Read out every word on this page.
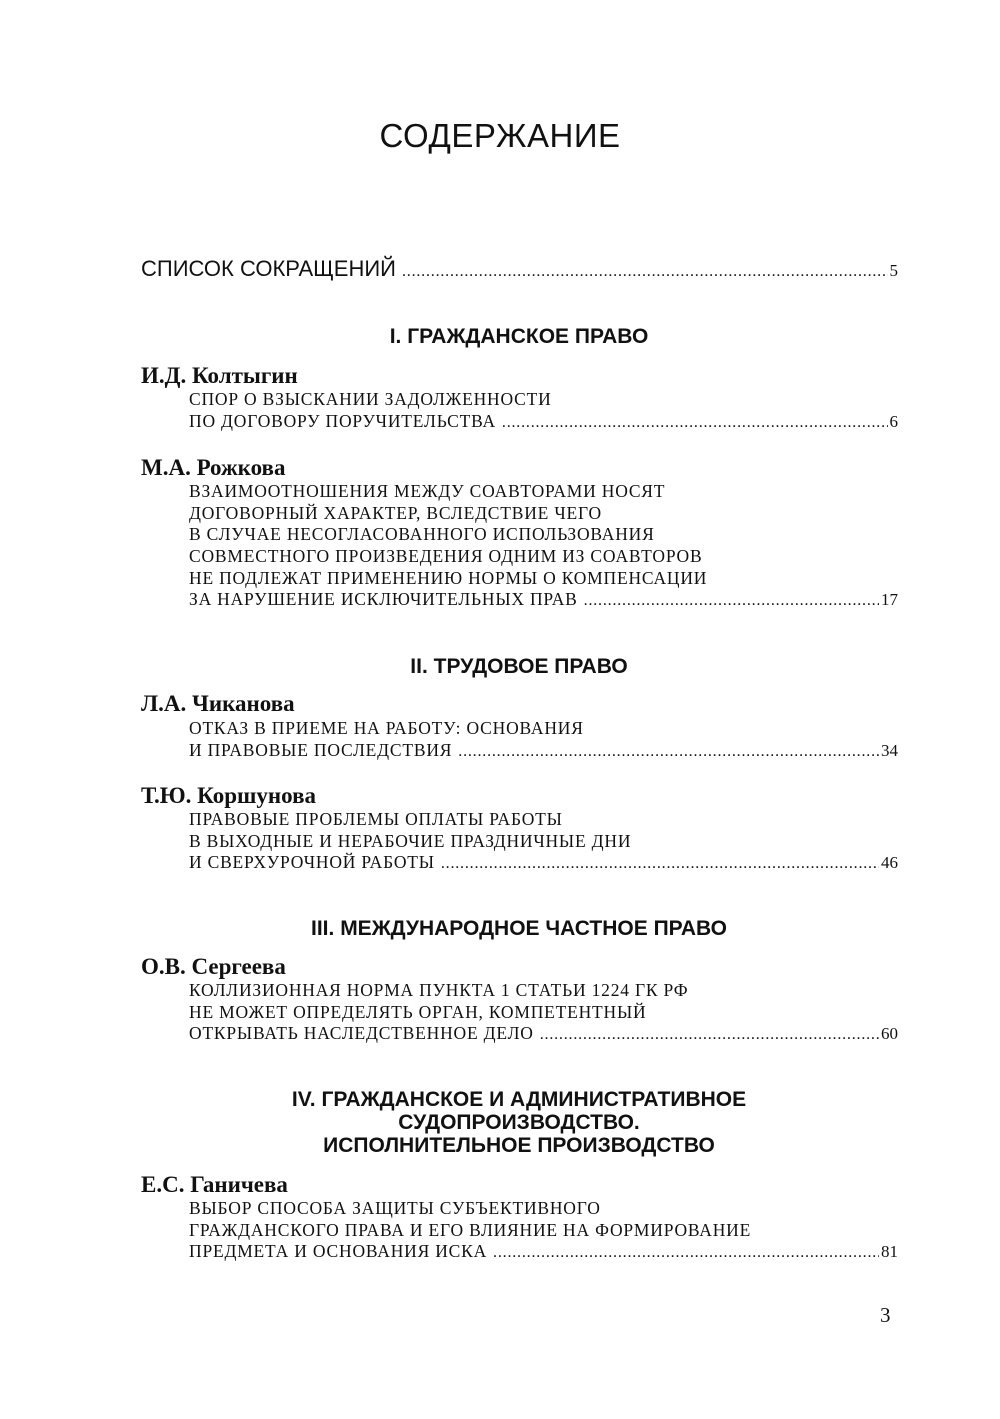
СОДЕРЖАНИЕ
СПИСОК СОКРАЩЕНИЙ . . .	5
I. ГРАЖДАНСКОЕ ПРАВО
И.Д. Колтыгин
СПОР О ВЗЫСКАНИИ ЗАДОЛЖЕННОСТИ
ПО ДОГОВОРУ ПОРУЧИТЕЛЬСТВА . . .	6
М.А. Рожкова
ВЗАИМООТНОШЕНИЯ МЕЖДУ СОАВТОРАМИ НОСЯТ
ДОГОВОРНЫЙ ХАРАКТЕР, ВСЛЕДСТВИЕ ЧЕГО
В СЛУЧАЕ НЕСОГЛАСОВАННОГО ИСПОЛЬЗОВАНИЯ
СОВМЕСТНОГО ПРОИЗВЕДЕНИЯ ОДНИМ ИЗ СОАВТОРОВ
НЕ ПОДЛЕЖАТ ПРИМЕНЕНИЮ НОРМЫ О КОМПЕНСАЦИИ
ЗА НАРУШЕНИЕ ИСКЛЮЧИТЕЛЬНЫХ ПРАВ . . .	17
II. ТРУДОВОЕ ПРАВО
Л.А. Чиканова
ОТКАЗ В ПРИЕМЕ НА РАБОТУ: ОСНОВАНИЯ
И ПРАВОВЫЕ ПОСЛЕДСТВИЯ . . .	34
Т.Ю. Коршунова
ПРАВОВЫЕ ПРОБЛЕМЫ ОПЛАТЫ РАБОТЫ
В ВЫХОДНЫЕ И НЕРАБОЧИЕ ПРАЗДНИЧНЫЕ ДНИ
И СВЕРХУРОЧНОЙ РАБОТЫ . . .	46
III. МЕЖДУНАРОДНОЕ ЧАСТНОЕ ПРАВО
О.В. Сергеева
КОЛЛИЗИОННАЯ НОРМА ПУНКТА 1 СТАТЬИ 1224 ГК РФ
НЕ МОЖЕТ ОПРЕДЕЛЯТЬ ОРГАН, КОМПЕТЕНТНЫЙ
ОТКРЫВАТЬ НАСЛЕДСТВЕННОЕ ДЕЛО . . .	60
IV. ГРАЖДАНСКОЕ И АДМИНИСТРАТИВНОЕ
СУДОПРОИЗВОДСТВО.
ИСПОЛНИТЕЛЬНОЕ ПРОИЗВОДСТВО
Е.С. Ганичева
ВЫБОР СПОСОБА ЗАЩИТЫ СУБЪЕКТИВНОГО
ГРАЖДАНСКОГО ПРАВА И ЕГО ВЛИЯНИЕ НА ФОРМИРОВАНИЕ
ПРЕДМЕТА И ОСНОВАНИЯ ИСКА . . .	81
3
